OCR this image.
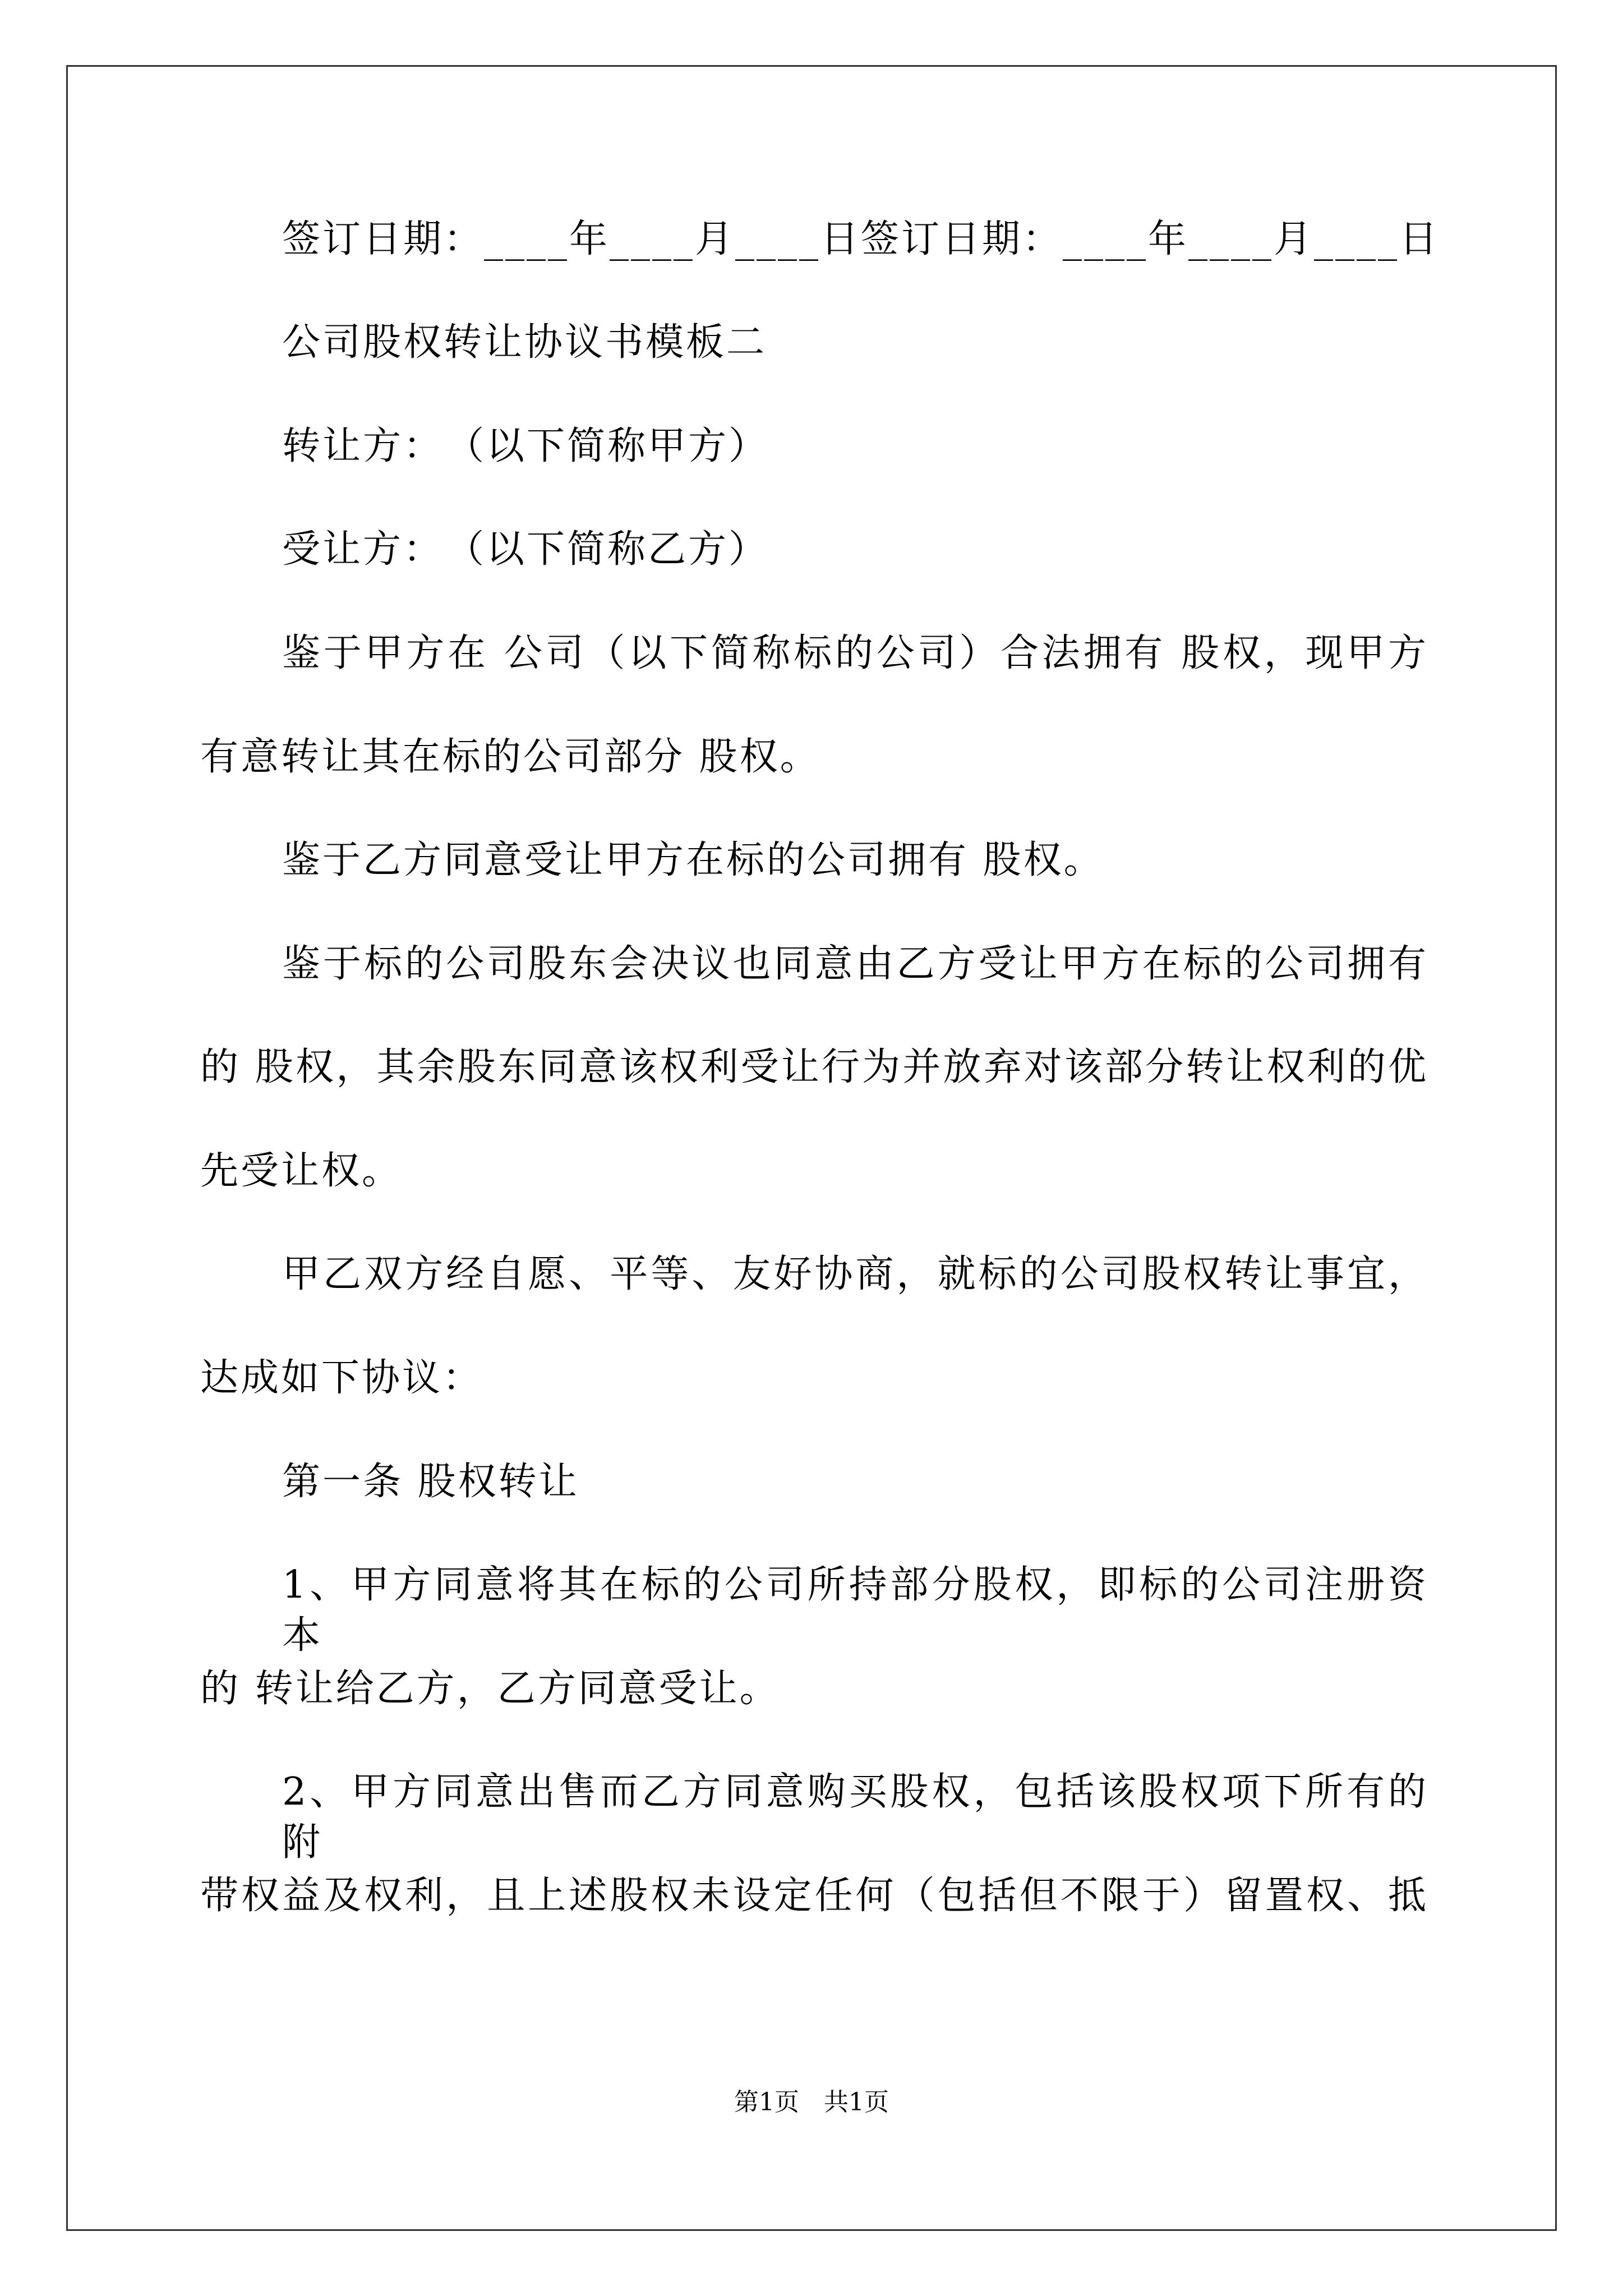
签订日期：____年____月____日签订日期：____年____月____日
公司股权转让协议书模板二
转让方：　（以下简称甲方）
受让方：　（以下简称乙方）
鉴于甲方在 公司（以下简称标的公司）合法拥有 股权，现甲方
有意转让其在标的公司部分 股权。
鉴于乙方同意受让甲方在标的公司拥有 股权。
鉴于标的公司股东会决议也同意由乙方受让甲方在标的公司拥有
的 股权，其余股东同意该权利受让行为并放弃对该部分转让权利的优
先受让权。
甲乙双方经自愿、平等、友好协商，就标的公司股权转让事宜，
达成如下协议：
第一条 股权转让
1、甲方同意将其在标的公司所持部分股权，即标的公司注册资本
的 转让给乙方，乙方同意受让。
2、甲方同意出售而乙方同意购买股权，包括该股权项下所有的附
带权益及权利，且上述股权未设定任何（包括但不限于）留置权、抵
第1页　共1页
